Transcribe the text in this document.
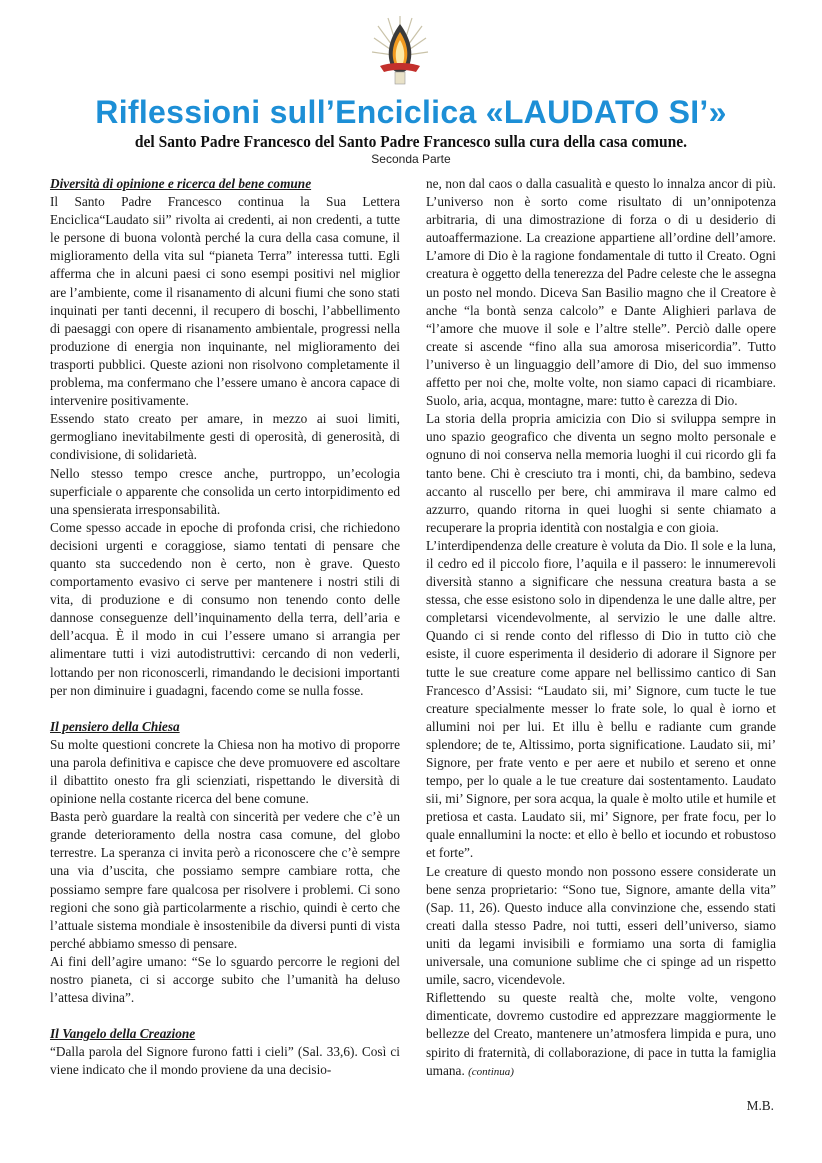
Riflessioni sull’Enciclica «LAUDATO SI’»
del Santo Padre Francesco del Santo Padre Francesco sulla cura della casa comune.
Seconda Parte
Diversità di opinione e ricerca del bene comune

Il Santo Padre Francesco continua la Sua Lettera Enciclica“Laudato sii” rivolta ai credenti, ai non credenti, a tutte le persone di buona volontà perché la cura della casa comune, il miglioramento della vita sul “pianeta Terra” interessa tutti. Egli afferma che in alcuni paesi ci sono esempi positivi nel miglior are l’ambiente, come il risanamento di alcuni fiumi che sono stati inquinati per tanti decenni, il recupero di boschi, l’abbellimento di paesaggi con opere di risanamento ambientale, progressi nella produzione di energia non inquinante, nel miglioramento dei trasporti pubblici. Queste azioni non risolvono completamente il problema, ma confermano che l’essere umano è ancora capace di intervenire positivamente.

Essendo stato creato per amare, in mezzo ai suoi limiti, germogliano inevitabilmente gesti di operosità, di generosità, di condivisione, di solidarietà.

Nello stesso tempo cresce anche, purtroppo, un’ecologia superficiale o apparente che consolida un certo intorpidimento ed una spensierata irresponsabilità.

Come spesso accade in epoche di profonda crisi, che richiedono decisioni urgenti e coraggiose, siamo tentati di pensare che quanto sta succedendo non è certo, non è grave. Questo comportamento evasivo ci serve per mantenere i nostri stili di vita, di produzione e di consumo non tenendo conto delle dannose conseguenze dell’inquinamento della terra, dell’aria e dell’acqua. È il modo in cui l’essere umano si arrangia per alimentare tutti i vizi autodistruttivi: cercando di non vederli, lottando per non riconoscerli, rimandando le decisioni importanti per non diminuire i guadagni, facendo come se nulla fosse.

Il pensiero della Chiesa

Su molte questioni concrete la Chiesa non ha motivo di proporre una parola definitiva e capisce che deve promuovere ed ascoltare il dibattito onesto fra gli scienziati, rispettando le diversità di opinione nella costante ricerca del bene comune.

Basta però guardare la realtà con sincerità per vedere che c’è un grande deterioramento della nostra casa comune, del globo terrestre. La speranza ci invita però a riconoscere che c’è sempre una via d’uscita, che possiamo sempre cambiare rotta, che possiamo sempre fare qualcosa per risolvere i problemi. Ci sono regioni che sono già particolarmente a rischio, quindi è certo che l’attuale sistema mondiale è insostenibile da diversi punti di vista perché abbiamo smesso di pensare.

Ai fini dell’agire umano: “Se lo sguardo percorre le regioni del nostro pianeta, ci si accorge subito che l’umanità ha deluso l’attesa divina”.

Il Vangelo della Creazione

“Dalla parola del Signore furono fatti i cieli” (Sal. 33,6). Così ci viene indicato che il mondo proviene da una decisio-

ne, non dal caos o dalla casualità e questo lo innalza ancor di più. L’universo non è sorto come risultato di un’onnipotenza arbitraria, di una dimostrazione di forza o di u desiderio di autoaffermazione. La creazione appartiene all’ordine dell’amore. L’amore di Dio è la ragione fondamentale di tutto il Creato. Ogni creatura è oggetto della tenerezza del Padre celeste che le assegna un posto nel mondo. Diceva San Basilio magno che il Creatore è anche “la bontà senza calcolo” e Dante Alighieri parlava de “l’amore che muove il sole e l’altre stelle”. Perciò dalle opere create si ascende “fino alla sua amorosa misericordia”. Tutto l’universo è un linguaggio dell’amore di Dio, del suo immenso affetto per noi che, molte volte, non siamo capaci di ricambiare. Suolo, aria, acqua, montagne, mare: tutto è carezza di Dio.

La storia della propria amicizia con Dio si sviluppa sempre in uno spazio geografico che diventa un segno molto personale e ognuno di noi conserva nella memoria luoghi il cui ricordo gli fa tanto bene. Chi è cresciuto tra i monti, chi, da bambino, sedeva accanto al ruscello per bere, chi ammirava il mare calmo ed azzurro, quando ritorna in quei luoghi si sente chiamato a recuperare la propria identità con nostalgia e con gioia.

L’interdipendenza delle creature è voluta da Dio. Il sole e la luna, il cedro ed il piccolo fiore, l’aquila e il passero: le innumerevoli diversità stanno a significare che nessuna creatura basta a se stessa, che esse esistono solo in dipendenza le une dalle altre, per completarsi vicendevolmente, al servizio le une dalle altre. Quando ci si rende conto del riflesso di Dio in tutto ciò che esiste, il cuore esperimenta il desiderio di adorare il Signore per tutte le sue creature come appare nel bellissimo cantico di San Francesco d’Assisi: “Laudato sii, mi’ Signore, cum tucte le tue creature specialmente messer lo frate sole, lo qual è iorno et allumini noi per lui. Et illu è bellu e radiante cum grande splendore; de te, Altissimo, porta significatione. Laudato sii, mi’ Signore, per frate vento e per aere et nubilo et sereno et onne tempo, per lo quale a le tue creature dai sostentamento. Laudato sii, mi’ Signore, per sora acqua, la quale è molto utile et humile et pretiosa et casta. Laudato sii, mi’ Signore, per frate focu, per lo quale ennallumini la nocte: et ello è bello et iocundo et robustoso et forte”.

Le creature di questo mondo non possono essere considerate un bene senza proprietario: “Sono tue, Signore, amante della vita” (Sap. 11, 26). Questo induce alla convinzione che, essendo stati creati dalla stesso Padre, noi tutti, esseri dell’universo, siamo uniti da legami invisibili e formiamo una sorta di famiglia universale, una comunione sublime che ci spinge ad un rispetto umile, sacro, vicendevole.

Riflettendo su queste realtà che, molte volte, vengono dimenticate, dovremo custodire ed apprezzare maggiormente le bellezze del Creato, mantenere un’atmosfera limpida e pura, uno spirito di fraternità, di collaborazione, di pace in tutta la famiglia umana. (continua)

M.B.
